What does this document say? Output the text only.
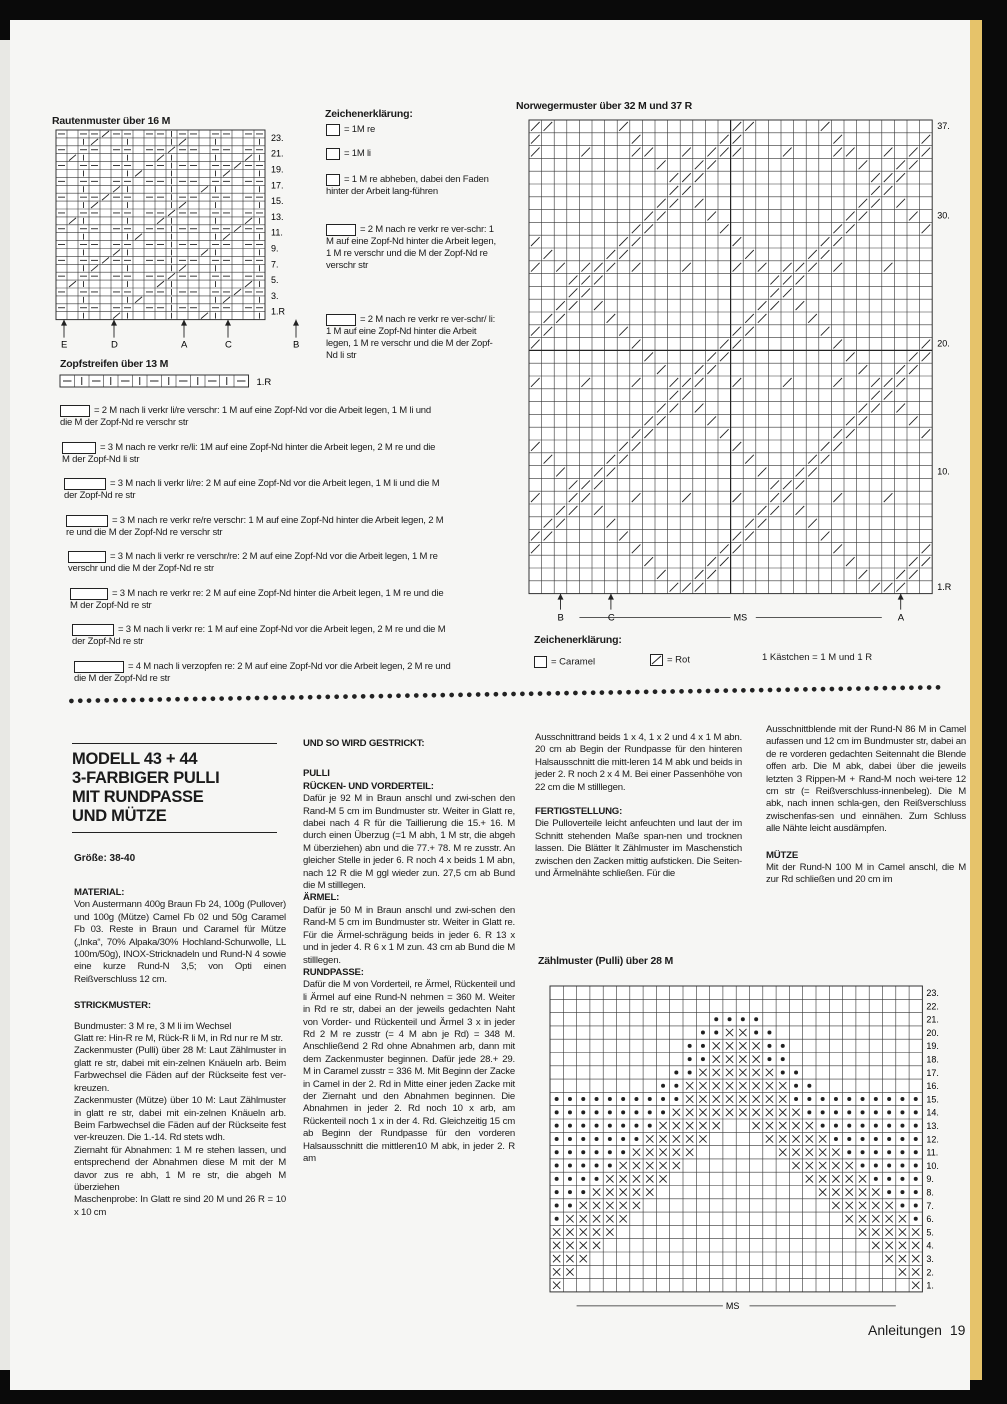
Rautenmuster über 16 M
23.
21.
19.
17.
15.
13.
11.
9.
7.
5.
3.
1.R
E	D	A	C	B
Zopfstreifen über 13 M
1.R
Zeichenerklärung:
= 1M re
= 1M li
= 1 M re abheben, dabei den Faden hinter der Arbeit lang-führen
= 2 M nach re verkr re ver-schr: 1 M auf eine Zopf-Nd hinter die Arbeit legen, 1 M re verschr und die M der Zopf-Nd re verschr str
= 2 M nach re verkr re ver-schr/ li: 1 M auf eine Zopf-Nd hinter die Arbeit legen, 1 M re verschr und die M der Zopf-Nd li str
= 2 M nach li verkr li/re verschr: 1 M auf eine Zopf-Nd vor die Arbeit legen, 1 M li und die M der Zopf-Nd re verschr str
= 3 M nach re verkr re/li: 1M auf eine Zopf-Nd hinter die Arbeit legen, 2 M re und die M der Zopf-Nd li str
= 3 M nach li verkr li/re: 2 M auf eine Zopf-Nd vor die Arbeit legen, 1 M li und die M der Zopf-Nd re str
= 3 M nach re verkr re/re verschr: 1 M auf eine Zopf-Nd hinter die Arbeit legen, 2 M re und die M der Zopf-Nd re verschr str
= 3 M nach li verkr re verschr/re: 2 M auf eine Zopf-Nd vor die Arbeit legen, 1 M re verschr und die M der Zopf-Nd re str
= 3 M nach re verkr re: 2 M auf eine Zopf-Nd hinter die Arbeit legen, 1 M re und die M der Zopf-Nd re str
= 3 M nach li verkr re: 1 M auf eine Zopf-Nd vor die Arbeit legen, 2 M re und die M der Zopf-Nd re str
= 4 M nach li verzopfen re: 2 M auf eine Zopf-Nd vor die Arbeit legen, 2 M re und die M der Zopf-Nd re str
Norwegermuster über 32 M und 37 R
37.
30.
20.
10.
1.R
B	C	A
MS
Zeichenerklärung:
= Caramel	= Rot	1 Kästchen = 1 M und 1 R
●●●●●●●●●●●●●●●●●●●●●●●●●●●●●●●●●●●●●●●●●●●●●●●●●●●●●●●●●●●●●●●●●●●●●●●●●●●●●●●●●●●●●●●●●●●●●●●●●●●
MODELL 43 + 44
3-FARBIGER PULLI
MIT RUNDPASSE
UND MÜTZE
Größe: 38-40

MATERIAL:

Von Austermann 400g Braun Fb 24, 100g (Pullover) und 100g (Mütze) Camel Fb 02 und 50g Caramel Fb 03. Reste in Braun und Caramel für Mütze („Inka“, 70% Alpaka/30% Hochland-Schurwolle, LL 100m/50g), INOX-Stricknadeln und Rund-N 4 sowie eine kurze Rund-N 3,5; von Opti einen Reißverschluss 12 cm.

STRICKMUSTER:

Bundmuster: 3 M re, 3 M li im Wechsel

Glatt re: Hin-R re M, Rück-R li M, in Rd nur re M str.

Zackenmuster (Pulli) über 28 M: Laut Zählmuster in glatt re str, dabei mit ein-zelnen Knäueln arb. Beim Farbwechsel die Fäden auf der Rückseite fest ver-kreuzen.

Zackenmuster (Mütze) über 10 M: Laut Zählmuster in glatt re str, dabei mit ein-zelnen Knäueln arb. Beim Farbwechsel die Fäden auf der Rückseite fest ver-kreuzen. Die 1.-14. Rd stets wdh.

Ziernaht für Abnahmen: 1 M re stehen lassen, und entsprechend der Abnahmen diese M mit der M davor zus re abh, 1 M re str, die abgeh M überziehen

Maschenprobe: In Glatt re sind 20 M und 26 R = 10 x 10 cm

UND SO WIRD GESTRICKT:

PULLI

RÜCKEN- UND VORDERTEIL:

Dafür je 92 M in Braun anschl und zwi-schen den Rand-M 5 cm im Bundmuster str. Weiter in Glatt re, dabei nach 4 R für die Taillierung die 15.+ 16. M durch einen Überzug (=1 M abh, 1 M str, die abgeh M überziehen) abn und die 77.+ 78. M re zusstr. An gleicher Stelle in jeder 6. R noch 4 x beids 1 M abn, nach 12 R die M ggl wieder zun. 27,5 cm ab Bund die M stilllegen.

ÄRMEL:

Dafür je 50 M in Braun anschl und zwi-schen den Rand-M 5 cm im Bundmuster str. Weiter in Glatt re. Für die Ärmel-schrägung beids in jeder 6. R 13 x und in jeder 4. R 6 x 1 M zun. 43 cm ab Bund die M stilllegen.

RUNDPASSE:

Dafür die M von Vorderteil, re Ärmel, Rückenteil und li Ärmel auf eine Rund-N nehmen = 360 M. Weiter in Rd re str, dabei an der jeweils gedachten Naht von Vorder- und Rückenteil und Ärmel 3 x in jeder Rd 2 M re zusstr (= 4 M abn je Rd) = 348 M. Anschließend 2 Rd ohne Abnahmen arb, dann mit dem Zackenmuster beginnen. Dafür jede 28.+ 29. M in Caramel zusstr = 336 M. Mit Beginn der Zacke in Camel in der 2. Rd in Mitte einer jeden Zacke mit der Ziernaht und den Abnahmen beginnen. Die Abnahmen in jeder 2. Rd noch 10 x arb, am Rückenteil noch 1 x in der 4. Rd. Gleichzeitig 15 cm ab Beginn der Rundpasse für den vorderen Halsausschnitt die mittleren10 M abk, in jeder 2. R am

Ausschnittrand beids 1 x 4, 1 x 2 und 4 x 1 M abn. 20 cm ab Begin der Rundpasse für den hinteren Halsausschnitt die mitt-leren 14 M abk und beids in jeder 2. R noch 2 x 4 M. Bei einer Passenhöhe von 22 cm die M stilllegen.

FERTIGSTELLUNG:

Die Pulloverteile leicht anfeuchten und laut der im Schnitt stehenden Maße span-nen und trocknen lassen. Die Blätter lt Zählmuster im Maschenstich zwischen den Zacken mittig aufsticken. Die Seiten- und Ärmelnähte schließen. Für die

Ausschnittblende mit der Rund-N 86 M in Camel aufassen und 12 cm im Bundmuster str, dabei an de re vorderen gedachten Seitennaht die Blende offen arb. Die M abk, dabei über die jeweils letzten 3 Rippen-M + Rand-M noch wei-tere 12 cm str (= Reißverschluss-innenbeleg). Die M abk, nach innen schla-gen, den Reißverschluss zwischenfas-sen und einnähen. Zum Schluss alle Nähte leicht ausdämpfen.

MÜTZE

Mit der Rund-N 100 M in Camel anschl, die M zur Rd schließen und 20 cm im

Zählmuster (Pulli) über 28 M
23.
22.
21.
20.
19.
18.
17.
16.
15.
14.
13.
12.
11.
10.
9.
8.
7.
6.
5.
4.
3.
2.
1.
MS
Anleitungen 19
